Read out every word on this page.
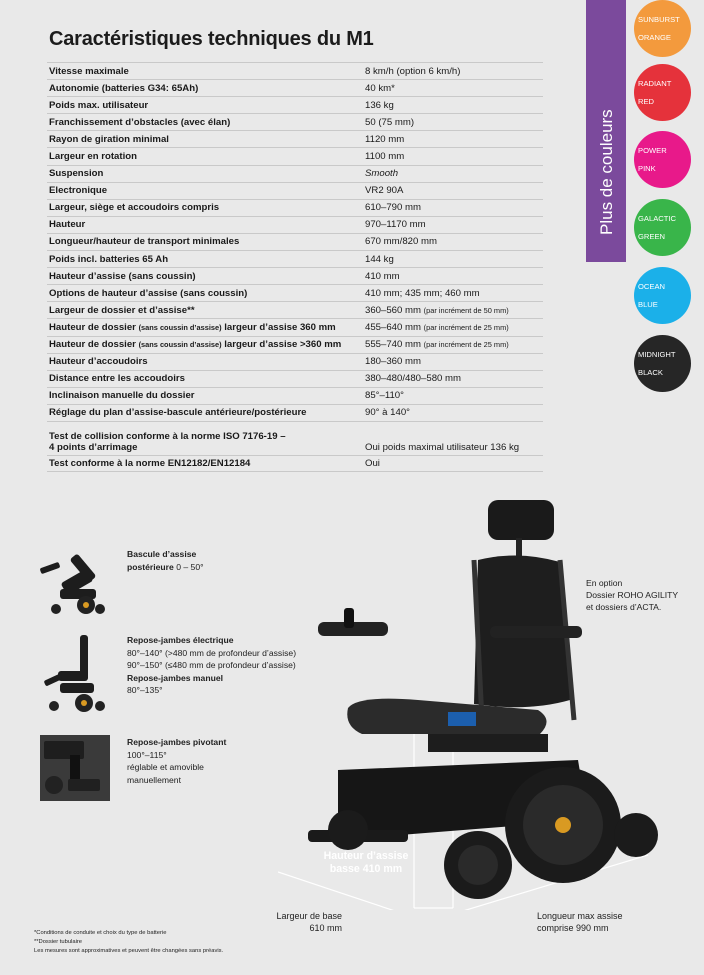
Caractéristiques techniques du M1
Vitesse maximale	8 km/h (option 6 km/h)
Autonomie (batteries G34: 65Ah)	40 km*
Poids max. utilisateur	136 kg
Franchissement d’obstacles (avec élan)	50 (75 mm)
Rayon de giration minimal	1120 mm
Largeur en rotation	1100 mm
Suspension	Smooth
Electronique	VR2 90A
Largeur, siège et accoudoirs compris	610–790 mm
Hauteur	970–1170 mm
Longueur/hauteur de transport minimales	670 mm/820 mm
Poids incl. batteries 65 Ah	144 kg
Hauteur d’assise (sans coussin)	410 mm
Options de hauteur d’assise (sans coussin)	410 mm; 435 mm; 460 mm
Largeur de dossier et d’assise**	360–560 mm (par incrément de 50 mm)
Hauteur de dossier (sans coussin d’assise) largeur d’assise 360 mm	455–640 mm (par incrément de 25 mm)
Hauteur de dossier (sans coussin d’assise) largeur d’assise >360 mm	555–740 mm (par incrément de 25 mm)
Hauteur d’accoudoirs	180–360 mm
Distance entre les accoudoirs	380–480/480–580 mm
Inclinaison manuelle du dossier	85°–110°
Réglage du plan d’assise-bascule antérieure/postérieure	90° à 140°
Test de collision conforme à la norme ISO 7176-19 –
4 points d’arrimage	Oui poids maximal utilisateur 136 kg
Test conforme à la norme EN12182/EN12184	Oui
Plus de couleurs
SUNBURST

ORANGE
RADIANT

RED
POWER

PINK
GALACTIC

GREEN
OCEAN

BLUE
MIDNIGHT

BLACK
Bascule d’assise
postérieure 0 – 50°
Repose-jambes électrique
80°–140° (>480 mm de profondeur d’assise)
90°–150° (≤480 mm de profondeur d’assise)
Repose-jambes manuel
80°–135°
Repose-jambes pivotant
100°–115°
réglable et amovible
manuellement
En option
Dossier ROHO AGILITY
et dossiers d’ACTA.
Hauteur d’assise
basse 410 mm
Largeur de base
610 mm
Longueur max assise
comprise 990 mm
*Conditions de conduite et choix du type de batterie
**Dossier tubulaire
Les mesures sont approximatives et peuvent être changées sans préavis.
